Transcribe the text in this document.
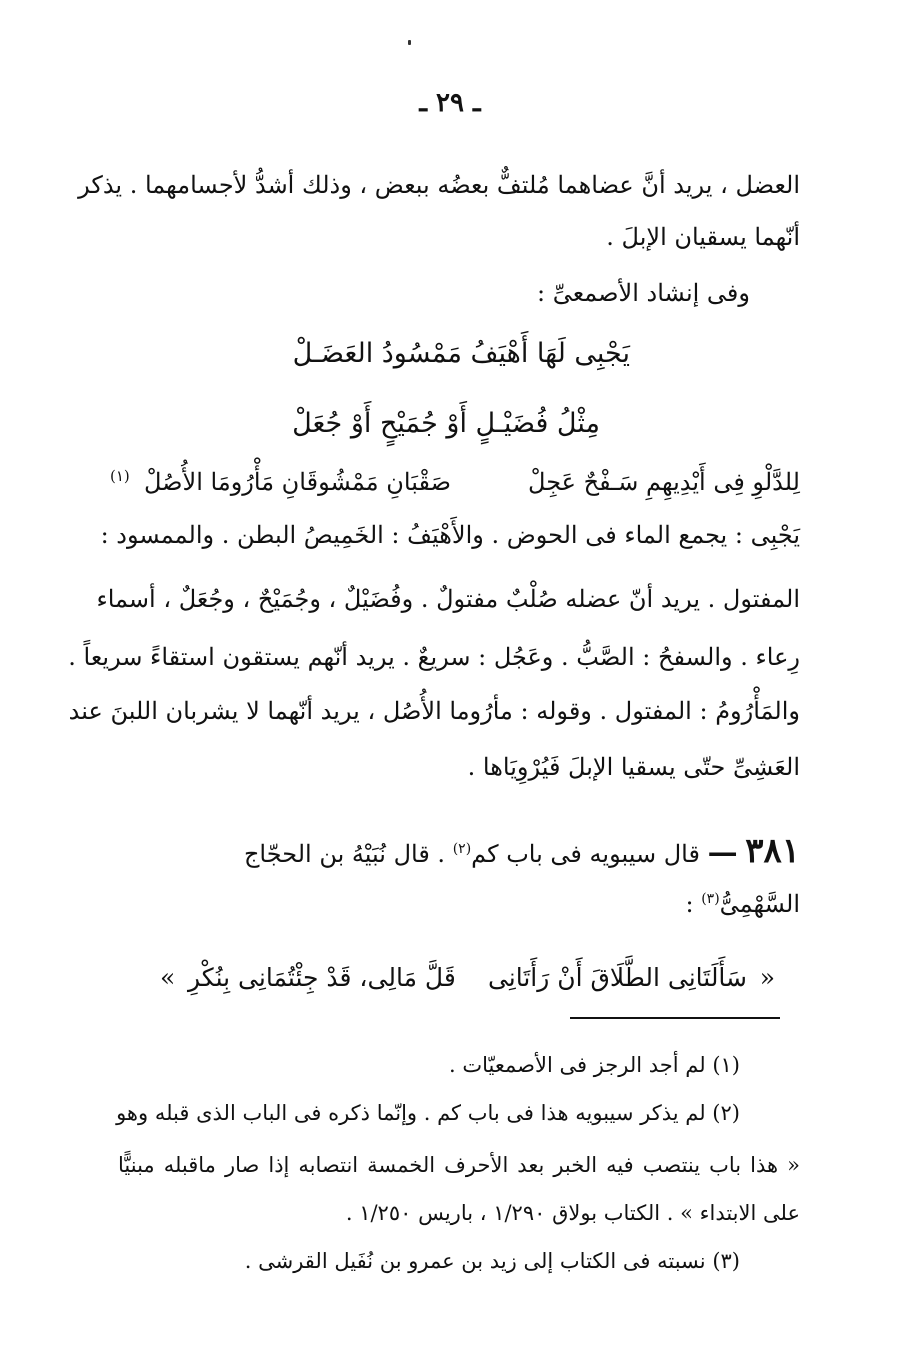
ـ ٢٩ ـ
العضل ، يريد أنَّ عضاهما مُلتفٌّ بعضُه ببعض ، وذلك أشدُّ لأجسامهما . يذكر
أنّهما يسقيان الإبلَ .
وفى إنشاد الأصمعىِّ :
يَجْبِى لَهَا أَهْيَفُ مَمْسُودُ العَضَـلْ
مِثْلُ فُضَيْـلٍ أَوْ جُمَيْحٍ أَوْ جُعَلْ
لِلدَّلْوِ فِى أَيْدِيهِمِ سَـفْحٌ عَجِلْ
صَقْبَانِ مَمْشُوقَانِ مَأْرُومَا الأُصُلْ
(١)
يَجْبِى : يجمع الماء فى الحوض . والأَهْيَفُ : الخَمِيصُ البطن . والممسود :
المفتول . يريد أنّ عضله صُلْبٌ مفتولٌ . وفُضَيْلٌ ، وجُمَيْحٌ ، وجُعَلٌ ، أسماء
رِعاء . والسفحُ : الصَّبُّ . وعَجُل : سريعٌ . يريد أنّهم يستقون استقاءً سريعاً .
والمَأْرُومُ : المفتول . وقوله : مأرُوما الأُصُل ، يريد أنّهما لا يشربان اللبنَ عند
العَشِىِّ حتّى يسقيا الإبلَ فَيُرْوِيَاها .
٣٨١ — قال سيبويه فى باب كم$^{(٢)}$ . قال نُبَيْهُ بن الحجّاج
السَّهْمِىُّ$^{(٣)}$ :
«
سَأَلَتَانِى الطَّلَاقَ أَنْ رَأَتَانِى
قَلَّ مَالِى، قَدْ جِئْتُمَانِى بِنُكْرِ
»
(١) لم أجد الرجز فى الأصمعيّات .
(٢) لم يذكر سيبويه هذا فى باب كم . وإنّما ذكره فى الباب الذى قبله وهو
« هذا باب ينتصب فيه الخبر بعد الأحرف الخمسة انتصابه إذا صار ماقبله مبنيًّا
على الابتداء » . الكتاب بولاق ١/٢٩٠ ، باريس ١/٢٥٠ .
(٣) نسبته فى الكتاب إلى زيد بن عمرو بن نُفَيل القرشى .
